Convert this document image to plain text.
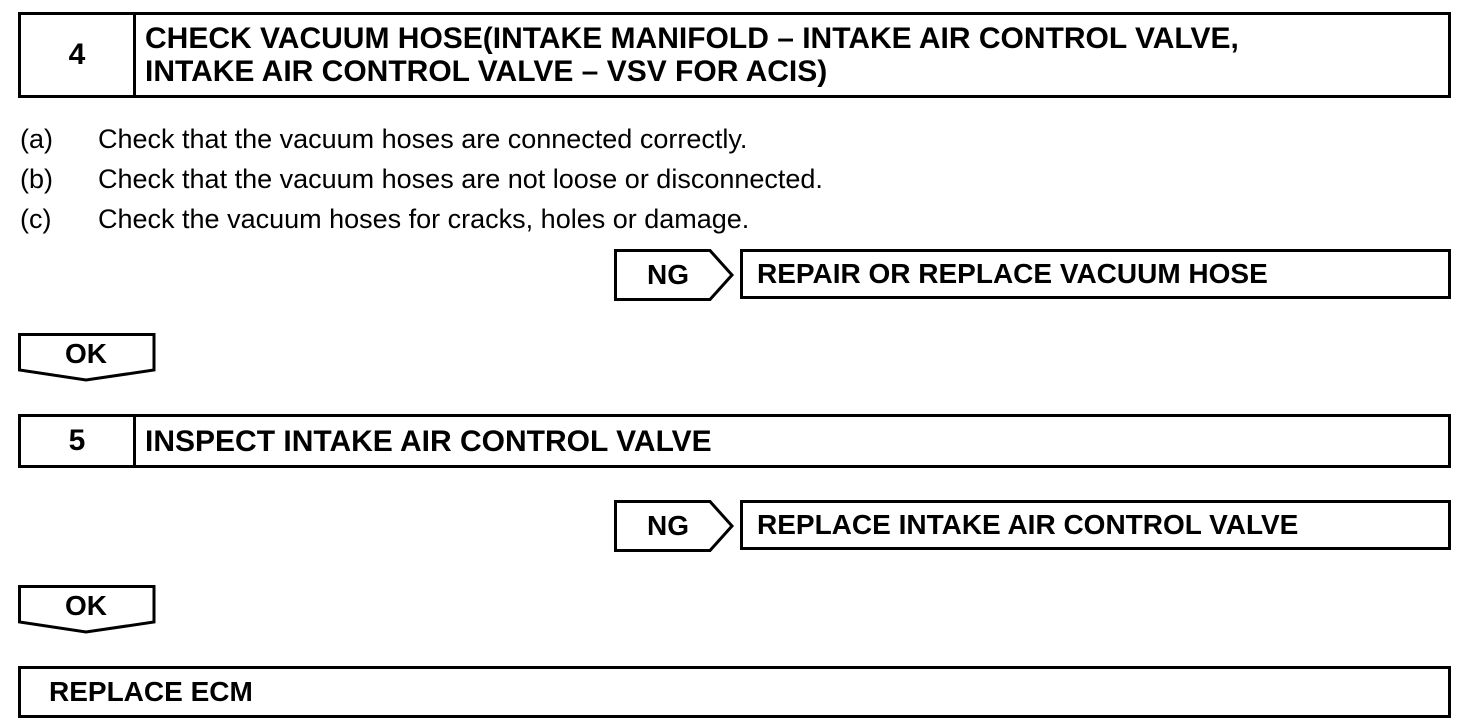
4	CHECK VACUUM HOSE(INTAKE MANIFOLD – INTAKE AIR CONTROL VALVE,
INTAKE AIR CONTROL VALVE – VSV FOR ACIS)
(a) Check that the vacuum hoses are connected correctly.
(b) Check that the vacuum hoses are not loose or disconnected.
(c) Check the vacuum hoses for cracks, holes or damage.
NG	REPAIR OR REPLACE VACUUM HOSE
OK
5	INSPECT INTAKE AIR CONTROL VALVE
NG	REPLACE INTAKE AIR CONTROL VALVE
OK
REPLACE ECM
